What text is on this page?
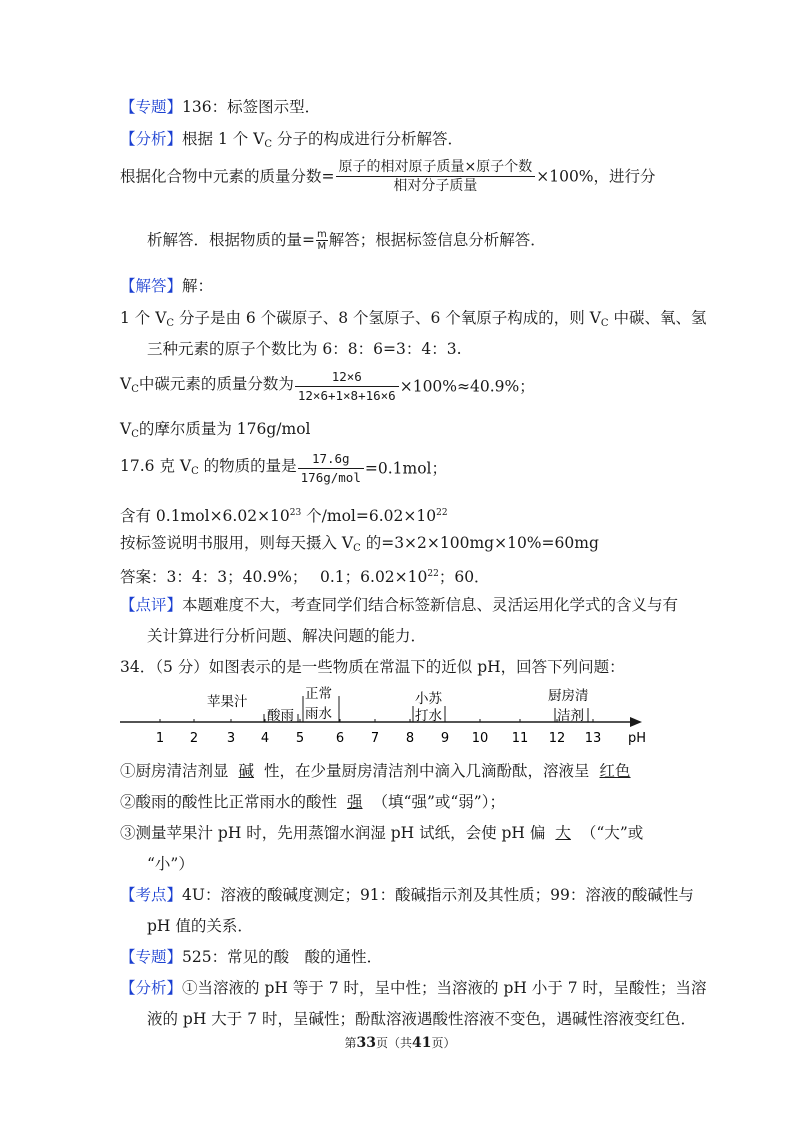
【专题】136：标签图示型．
【分析】根据 1 个 $V_C$ 分子的构成进行分析解答．
根据化合物中元素的质量分数= $\frac{\text{原子的相对原子质量×原子个数}}{\text{相对分子质量}} \times 100\%$，进行分
析解答．根据物质的量= $\frac{m}{M}$ 解答；根据标签信息分析解答．
【解答】解：
1 个 $V_C$ 分子是由 6 个碳原子、8 个氢原子、6 个氧原子构成的，则 $V_C$ 中碳、氧、氢
三种元素的原子个数比为 6：8：6=3：4：3.
$V_C$中碳元素的质量分数为 $\frac{12\times 6}{12\times 6+1\times 8+16\times 6} \times 100\%\approx 40.9\%$；
$V_C$的摩尔质量为 176g/mol
17.6 克 $V_C$ 的物质的量是 $\frac{17.6g}{\text{176g/mol}} =0.1mol$；
含有 $0.1mol\times 6.02\times 10^{23}$ 个$/mol=6.02\times 10^{22}$
按标签说明书服用，则每天摄入 $V_C$ 的=3×2×100mg×10%=60mg
答案：3：4：3；40.9%；　 0.1；$6.02\times 10^{22}$；60．
【点评】本题难度不大，考查同学们结合标签新信息、灵活运用化学式的含义与有
关计算进行分析问题、解决问题的能力．
34．（5 分）如图表示的是一些物质在常温下的近似 pH，回答下列问题：
1 2 3 4 5 6 7 8 9 10 11 12 13 pH
苹果汁
酸雨
正常
雨水
小苏
打水
厨房清
洁剂
①厨房清洁剂显 碱 性，在少量厨房清洁剂中滴入几滴酚酞，溶液呈 红色
②酸雨的酸性比正常雨水的酸性 强 （填“强”或“弱”）；
③测量苹果汁 pH 时，先用蒸馏水润湿 pH 试纸，会使 pH 偏 大 （“大”或
“小”）
【考点】4U：溶液的酸碱度测定；91：酸碱指示剂及其性质；99：溶液的酸碱性与
pH 值的关系．
【专题】525：常见的酸　酸的通性．
【分析】①当溶液的 pH 等于 7 时，呈中性；当溶液的 pH 小于 7 时，呈酸性；当溶
液的 pH 大于 7 时，呈碱性；酚酞溶液遇酸性溶液不变色，遇碱性溶液变红色．
第33页（共41页）
